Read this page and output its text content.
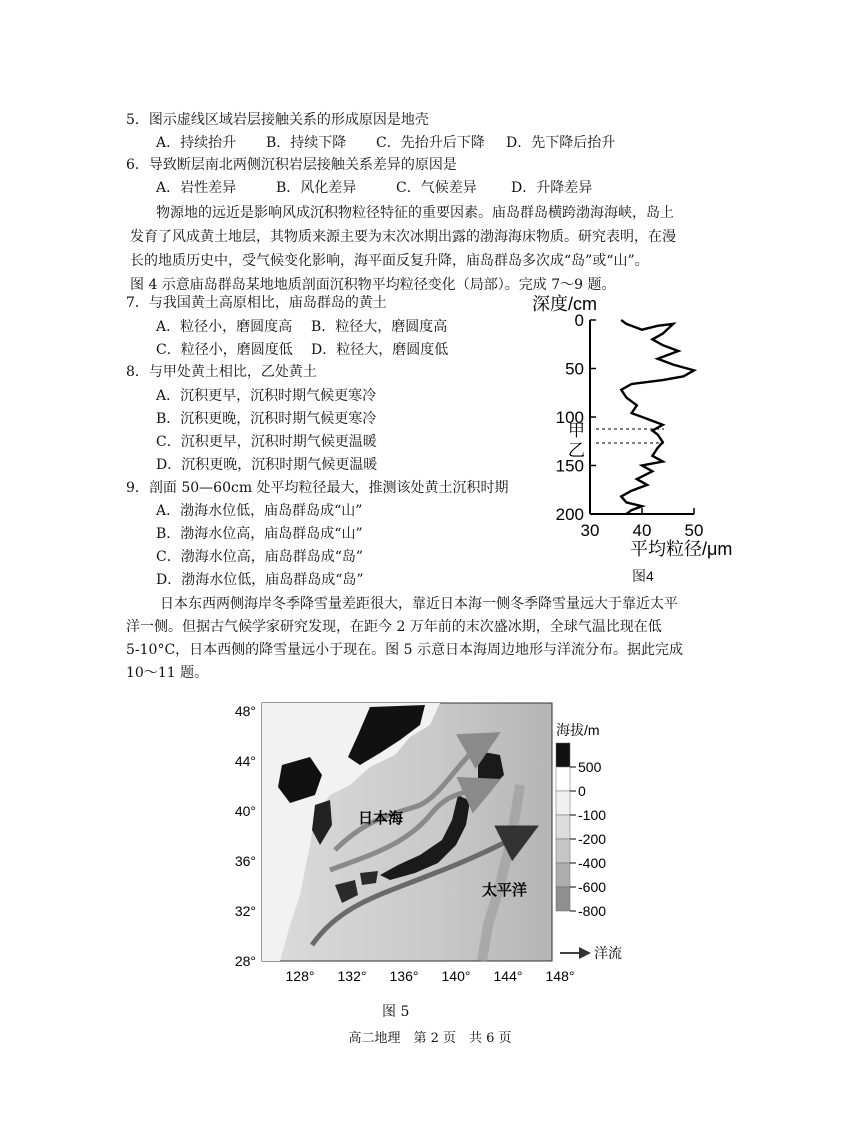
5．图示虚线区域岩层接触关系的形成原因是地壳
A．持续抬升 B．持续下降 C．先抬升后下降 D．先下降后抬升
6．导致断层南北两侧沉积岩层接触关系差异的原因是
A．岩性差异	B．风化差异	C．气候差异 D．升降差异
物源地的远近是影响风成沉积物粒径特征的重要因素。庙岛群岛横跨渤海海峡，岛上
发育了风成黄土地层，其物质来源主要为末次冰期出露的渤海海床物质。研究表明，在漫
长的地质历史中，受气候变化影响，海平面反复升降，庙岛群岛多次成“岛”或“山”。
图 4 示意庙岛群岛某地地质剖面沉积物平均粒径变化（局部）。完成 7～9 题。
7．与我国黄土高原相比，庙岛群岛的黄土
A．粒径小，磨圆度高 B．粒径大，磨圆度高
C．粒径小，磨圆度低 D．粒径大，磨圆度低
8．与甲处黄土相比，乙处黄土
A．沉积更早，沉积时期气候更寒冷
B．沉积更晚，沉积时期气候更寒冷
C．沉积更早，沉积时期气候更温暖
D．沉积更晚，沉积时期气候更温暖
9．剖面 50—60cm 处平均粒径最大，推测该处黄土沉积时期
A．渤海水位低，庙岛群岛成“山”
B．渤海水位高，庙岛群岛成“山”
C．渤海水位高，庙岛群岛成“岛”
D．渤海水位低，庙岛群岛成“岛”
深度/cm
0
50
100
150
200
30 40 50
甲
乙
平均粒径/μm
图4
日本东西两侧海岸冬季降雪量差距很大，靠近日本海一侧冬季降雪量远大于靠近太平
洋一侧。但据古气候学家研究发现，在距今 2 万年前的末次盛冰期，全球气温比现在低
5-10°C，日本西侧的降雪量远小于现在。图 5 示意日本海周边地形与洋流分布。据此完成
10～11 题。
日本海
太平洋
48°
44°
40°
36°
32°
28°
128° 132° 136° 140° 144° 148°
海拔/m
500
0
-100
-200
-400
-600
-800
洋流
图 5
高二地理　第 2 页　共 6 页
